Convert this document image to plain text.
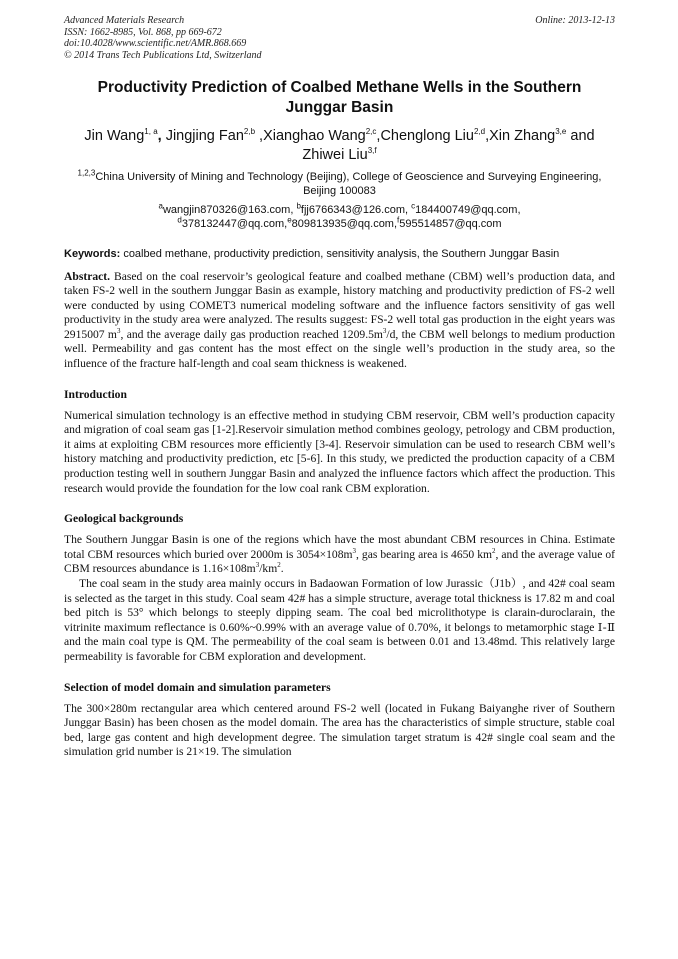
Advanced Materials Research
ISSN: 1662-8985, Vol. 868, pp 669-672
doi:10.4028/www.scientific.net/AMR.868.669
© 2014 Trans Tech Publications Ltd, Switzerland
Online: 2013-12-13
Productivity Prediction of Coalbed Methane Wells in the Southern Junggar Basin
Jin Wang$^{1, a}$, Jingjing Fan$^{2,b}$ ,Xianghao Wang$^{2,c}$,Chenglong Liu$^{2,d}$,Xin Zhang$^{3,e}$ and Zhiwei Liu$^{3,f}$
$^{1,2,3}$China University of Mining and Technology (Beijing), College of Geoscience and Surveying Engineering, Beijing 100083
$^a$wangjin870326@163.com, $^b$fjj6766343@126.com, $^c$184400749@qq.com,
$^d$378132447@qq.com,$^e$809813935@qq.com,$^f$595514857@qq.com
Keywords: coalbed methane, productivity prediction, sensitivity analysis, the Southern Junggar Basin

Abstract. Based on the coal reservoir’s geological feature and coalbed methane (CBM) well’s production data, and taken FS-2 well in the southern Junggar Basin as example, history matching and productivity prediction of FS-2 well were conducted by using COMET3 numerical modeling software and the influence factors sensitivity of gas well productivity in the study area were analyzed. The results suggest: FS-2 well total gas production in the eight years was 2915007 $m^3$, and the average daily gas production reached $1209.5m^3/d$, the CBM well belongs to medium production well. Permeability and gas content has the most effect on the single well’s production in the study area, so the influence of the fracture half-length and coal seam thickness is weakened.

Introduction

Numerical simulation technology is an effective method in studying CBM reservoir, CBM well’s production capacity and migration of coal seam gas [1-2].Reservoir simulation method combines geology, petrology and CBM production, it aims at exploiting CBM resources more efficiently [3-4]. Reservoir simulation can be used to research CBM well’s history matching and productivity prediction, etc [5-6]. In this study, we predicted the production capacity of a CBM production testing well in southern Junggar Basin and analyzed the influence factors which affect the production. This research would provide the foundation for the low coal rank CBM exploration.

Geological backgrounds

The Southern Junggar Basin is one of the regions which have the most abundant CBM resources in China. Estimate total CBM resources which buried over 2000m is $3054\times 108m^3$, gas bearing area is 4650 $km^2$, and the average value of CBM resources abundance is $1.16\times 108m^3/km^2$.

The coal seam in the study area mainly occurs in Badaowan Formation of low Jurassic（J1b）, and 42# coal seam is selected as the target in this study. Coal seam 42# has a simple structure, average total thickness is 17.82 m and coal bed pitch is 53° which belongs to steeply dipping seam. The coal bed microlithotype is clarain-duroclarain, the vitrinite maximum reflectance is 0.60%~0.99% with an average value of 0.70%, it belongs to metamorphic stage Ⅰ-Ⅱ and the main coal type is QM. The permeability of the coal seam is between 0.01 and 13.48md. This relatively large permeability is favorable for CBM exploration and development.

Selection of model domain and simulation parameters

The 300×280m rectangular area which centered around FS-2 well (located in Fukang Baiyanghe river of Southern Junggar Basin) has been chosen as the model domain. The area has the characteristics of simple structure, stable coal bed, large gas content and high development degree. The simulation target stratum is 42# single coal seam and the simulation grid number is 21×19. The simulation
